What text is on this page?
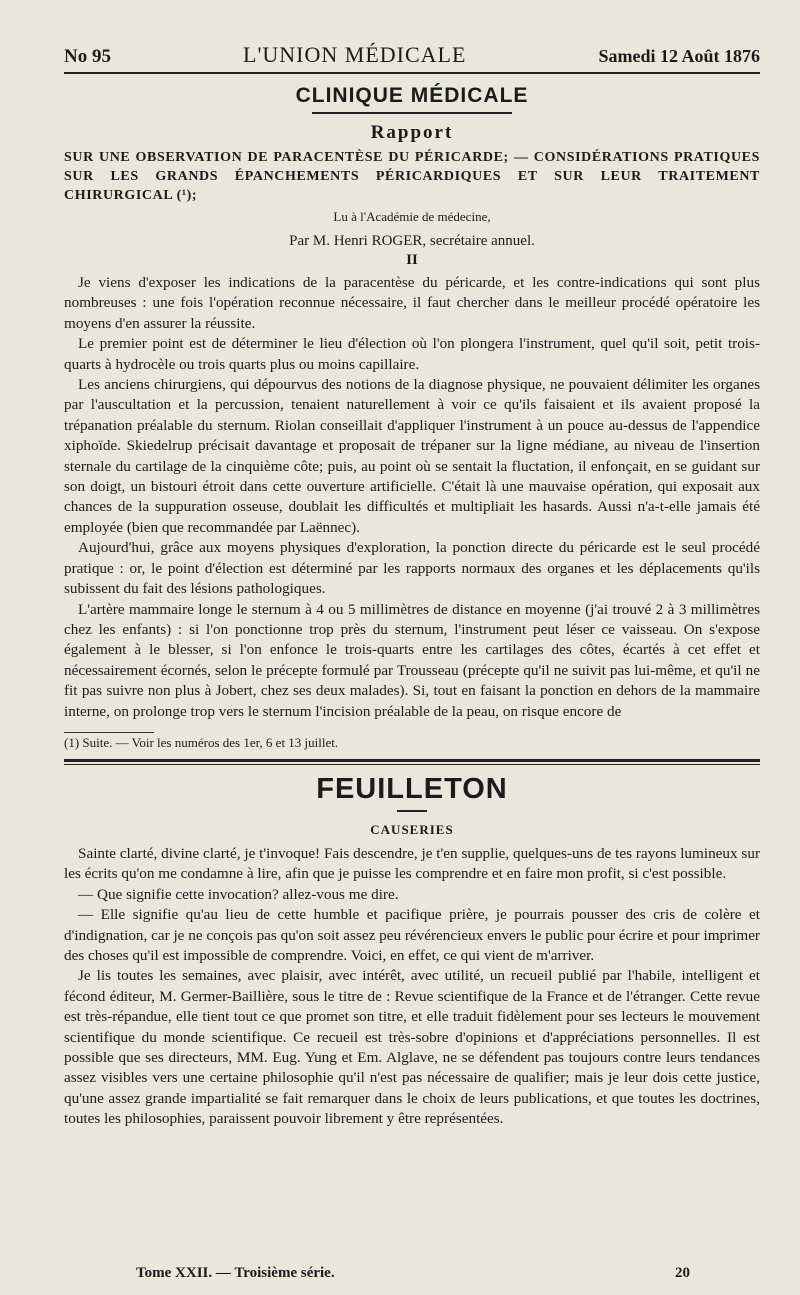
No 95	L'UNION MÉDICALE	Samedi 12 Août 1876
CLINIQUE MÉDICALE
Rapport
SUR UNE OBSERVATION DE PARACENTÈSE DU PÉRICARDE; — CONSIDÉRATIONS PRATIQUES SUR LES GRANDS ÉPANCHEMENTS PÉRICARDIQUES ET SUR LEUR TRAITEMENT CHIRURGICAL (¹);
Lu à l'Académie de médecine,
Par M. Henri ROGER, secrétaire annuel.
II

Je viens d'exposer les indications de la paracentèse du péricarde, et les contre-indications qui sont plus nombreuses : une fois l'opération reconnue nécessaire, il faut chercher dans le meilleur procédé opératoire les moyens d'en assurer la réussite.

Le premier point est de déterminer le lieu d'élection où l'on plongera l'instrument, quel qu'il soit, petit trois-quarts à hydrocèle ou trois quarts plus ou moins capillaire.

Les anciens chirurgiens, qui dépourvus des notions de la diagnose physique, ne pouvaient délimiter les organes par l'auscultation et la percussion, tenaient naturellement à voir ce qu'ils faisaient et ils avaient proposé la trépanation préalable du sternum. Riolan conseillait d'appliquer l'instrument à un pouce au-dessus de l'appendice xiphoïde. Skiedelrup précisait davantage et proposait de trépaner sur la ligne médiane, au niveau de l'insertion sternale du cartilage de la cinquième côte; puis, au point où se sentait la fluctation, il enfonçait, en se guidant sur son doigt, un bistouri étroit dans cette ouverture artificielle. C'était là une mauvaise opération, qui exposait aux chances de la suppuration osseuse, doublait les difficultés et multipliait les hasards. Aussi n'a-t-elle jamais été employée (bien que recommandée par Laënnec).

Aujourd'hui, grâce aux moyens physiques d'exploration, la ponction directe du péricarde est le seul procédé pratique : or, le point d'élection est déterminé par les rapports normaux des organes et les déplacements qu'ils subissent du fait des lésions pathologiques.

L'artère mammaire longe le sternum à 4 ou 5 millimètres de distance en moyenne (j'ai trouvé 2 à 3 millimètres chez les enfants) : si l'on ponctionne trop près du sternum, l'instrument peut léser ce vaisseau. On s'expose également à le blesser, si l'on enfonce le trois-quarts entre les cartilages des côtes, écartés à cet effet et nécessairement écornés, selon le précepte formulé par Trousseau (précepte qu'il ne suivit pas lui-même, et qu'il ne fit pas suivre non plus à Jobert, chez ses deux malades). Si, tout en faisant la ponction en dehors de la mammaire interne, on prolonge trop vers le sternum l'incision préalable de la peau, on risque encore de

(1) Suite. — Voir les numéros des 1er, 6 et 13 juillet.
FEUILLETON
CAUSERIES

Sainte clarté, divine clarté, je t'invoque! Fais descendre, je t'en supplie, quelques-uns de tes rayons lumineux sur les écrits qu'on me condamne à lire, afin que je puisse les comprendre et en faire mon profit, si c'est possible.

— Que signifie cette invocation? allez-vous me dire.

— Elle signifie qu'au lieu de cette humble et pacifique prière, je pourrais pousser des cris de colère et d'indignation, car je ne conçois pas qu'on soit assez peu révérencieux envers le public pour écrire et pour imprimer des choses qu'il est impossible de comprendre. Voici, en effet, ce qui vient de m'arriver.

Je lis toutes les semaines, avec plaisir, avec intérêt, avec utilité, un recueil publié par l'habile, intelligent et fécond éditeur, M. Germer-Baillière, sous le titre de : Revue scientifique de la France et de l'étranger. Cette revue est très-répandue, elle tient tout ce que promet son titre, et elle traduit fidèlement pour ses lecteurs le mouvement scientifique du monde scientifique. Ce recueil est très-sobre d'opinions et d'appréciations personnelles. Il est possible que ses directeurs, MM. Eug. Yung et Em. Alglave, ne se défendent pas toujours contre leurs tendances assez visibles vers une certaine philosophie qu'il n'est pas nécessaire de qualifier; mais je leur dois cette justice, qu'une assez grande impartialité se fait remarquer dans le choix de leurs publications, et que toutes les doctrines, toutes les philosophies, paraissent pouvoir librement y être représentées.

Tome XXII. — Troisième série.	20
